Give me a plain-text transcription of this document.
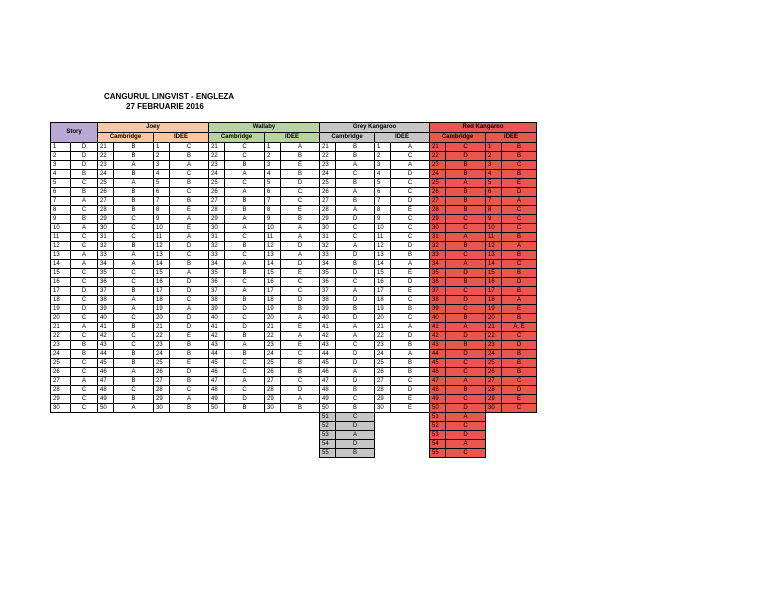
CANGURUL LINGVIST - ENGLEZA
27 FEBRUARIE 2016
Story		Joey				Wallaby				Grey Kangaroo				Red Kangaroo			
		Cambridge		IDEE		Cambridge		IDEE		Cambridge		IDEE		Cambridge		IDEE	
1	D	21	B	1	C	21	C	1	A	21	B	1	A	21	C	1	B
2	D	22	B	2	B	22	C	2	B	22	B	2	C	22	D	2	B
3	D	23	A	3	A	23	B	3	E	23	A	3	A	23	B	3	C
4	B	24	B	4	C	24	A	4	B	24	C	4	D	24	B	4	B
5	C	25	A	5	B	25	C	5	D	25	B	5	C	25	A	5	E
6	B	26	B	6	C	26	A	6	C	26	A	6	C	26	B	6	D
7	A	27	B	7	B	27	B	7	C	27	B	7	D	27	B	7	A
8	C	28	B	8	E	28	B	8	E	28	A	8	E	28	B	8	C
9	B	29	C	9	A	29	A	9	B	29	D	9	C	29	C	9	C
10	A	30	C	10	E	30	A	10	A	30	C	10	C	30	C	10	C
11	C	31	C	11	A	31	C	11	A	31	C	11	C	31	A	11	B
12	C	32	B	12	D	32	B	12	D	32	A	12	D	32	B	12	A
13	A	33	A	13	C	33	C	13	A	33	D	13	B	33	C	13	B
14	A	34	A	14	B	34	A	14	D	34	B	14	A	34	A	14	C
15	C	35	C	15	A	35	B	15	E	35	D	15	E	35	D	15	B
16	C	36	C	16	D	36	C	16	C	36	C	16	D	36	B	16	D
17	D	37	B	17	D	37	A	17	C	37	A	17	E	37	C	17	B
18	C	38	A	18	C	38	B	18	D	38	D	18	C	38	D	18	A
19	D	39	A	19	A	39	D	19	B	39	B	19	B	39	C	19	E
20	C	40	C	20	D	40	C	20	A	40	D	20	C	40	B	20	B
21	A	41	B	21	D	41	D	21	E	41	A	21	A	41	A	21	A, E
22	C	42	C	22	E	42	B	22	A	42	A	22	D	42	D	22	C
23	B	43	C	23	B	43	A	23	E	43	C	23	B	43	B	23	D
24	B	44	B	24	B	44	B	24	C	44	D	24	A	44	D	24	B
25	C	45	B	25	E	45	C	25	B	45	D	25	B	45	C	25	B
26	C	46	A	26	D	46	C	26	B	46	A	26	B	46	C	26	B
27	A	47	B	27	B	47	A	27	C	47	D	27	C	47	A	27	C
28	C	48	C	28	C	48	C	28	D	48	B	28	D	48	B	28	D
29	C	49	B	29	A	49	D	29	A	49	C	29	E	49	C	29	E
30	C	50	A	30	B	50	B	30	B	50	B	30	E	50	D	30	C
										51	C			51	A		
										52	D			52	C		
										53	A			53	D		
										54	D			54	A		
										55	B			55	C		
